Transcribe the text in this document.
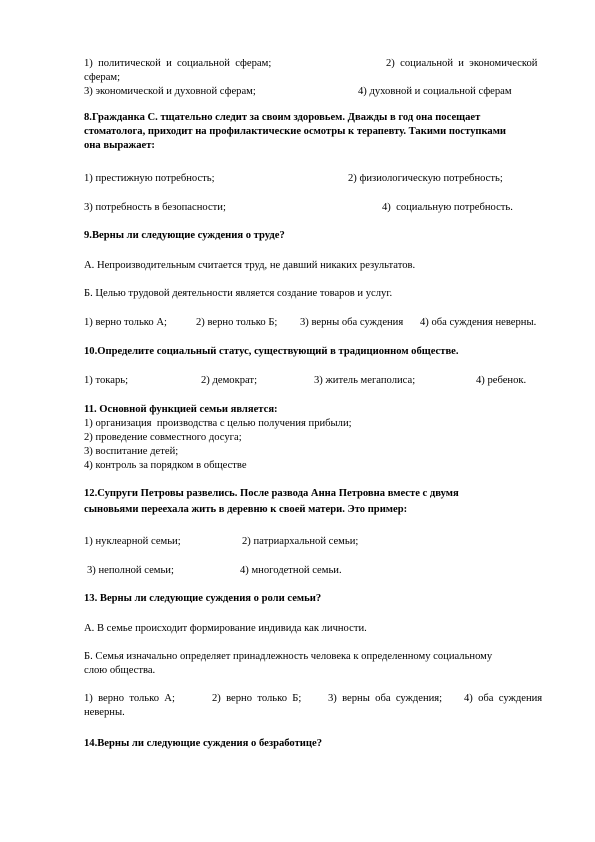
1)  политической  и  социальной  сферам;	2)  социальной  и  экономической
сферам;
3) экономической и духовной сферам;	4) духовной и социальной сферам
8.Гражданка С. тщательно следит за своим здоровьем. Дважды в год она посещает
стоматолога, приходит на профилактические осмотры к терапевту. Такими поступками
она выражает:
1) престижную потребность;	2) физиологическую потребность;
3) потребность в безопасности;	4)  социальную потребность.
9.Верны ли следующие суждения о труде?
А. Непроизводительным считается труд, не давший никаких результатов.
Б. Целью трудовой деятельности является создание товаров и услуг.
1) верно только А;	2) верно только Б; 3) верны оба суждения 4) оба суждения неверны.
10.Определите социальный статус, существующий в традиционном обществе.
1) токарь;	2) демократ;	3) житель мегаполиса;	4) ребенок.
11. Основной функцией семьи является:
1) организация  производства с целью получения прибыли;
2) проведение совместного досуга;
3) воспитание детей;
4) контроль за порядком в обществе
12.Супруги Петровы развелись. После развода Анна Петровна вместе с двумя
сыновьями переехала жить в деревню к своей матери. Это пример:
1) нуклеарной семьи;	2) патриархальной семьи;
3) неполной семьи;	4) многодетной семьи.
13. Верны ли следующие суждения о роли семьи?
А. В семье происходит формирование индивида как личности.
Б. Семья изначально определяет принадлежность человека к определенному социальному
слою общества.
1)  верно  только  А;	2)  верно  только  Б;	3)  верны  оба  суждения; 4)  оба  суждения
неверны.
14.Верны ли следующие суждения о безработице?
